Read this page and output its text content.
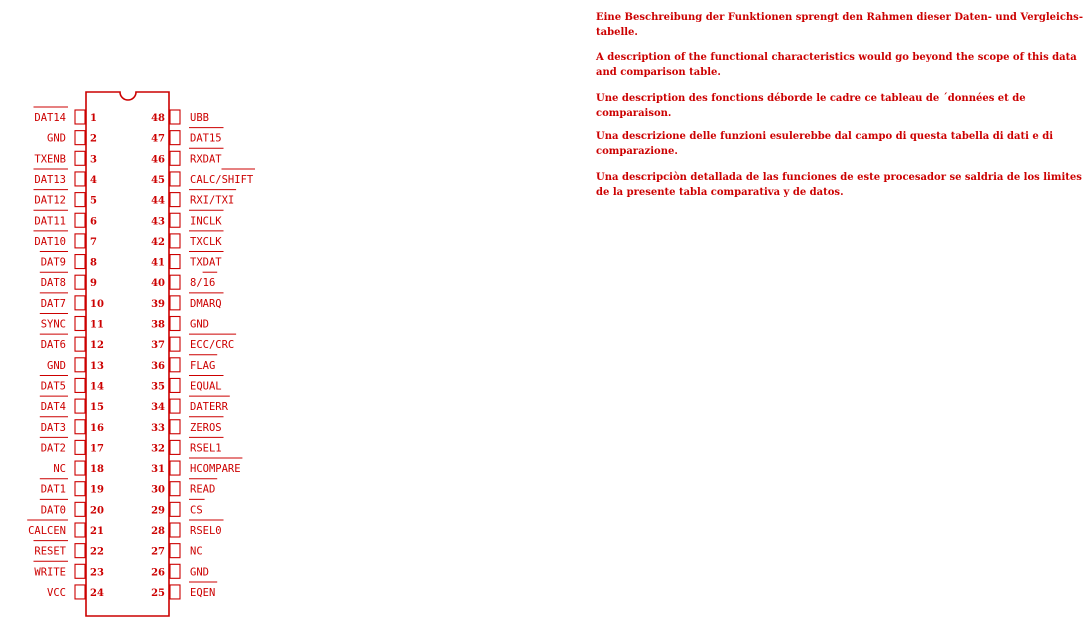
1
DAT14
2
GND
3
TXENB
4
DAT13
5
DAT12
6
DAT11
7
DAT10
8
DAT9
9
DAT8
10
DAT7
11
SYNC
12
DAT6
13
GND
14
DAT5
15
DAT4
16
DAT3
17
DAT2
18
NC
19
DAT1
20
DAT0
21
CALCEN
22
RESET
23
WRITE
24
VCC
48 UBB
47 DAT15
46 RXDAT
45 CALC/SHIFT
44 RXI/TXI
43 INCLK
42 TXCLK
41 TXDAT
40 8/16
39 DMARQ
38 GND
37 ECC/CRC
36 FLAG
35 EQUAL
34 DATERR
33 ZEROS
32 RSEL1
31 HCOMPARE
30 READ
29 CS
28 RSEL0
27 NC
26 GND
25 EQEN

Eine Beschreibung der Funktionen sprengt den Rahmen dieser Daten- und Vergleichs-

tabelle.

A description of the functional characteristics would go beyond the scope of this data
and comparison table.

Une description des fonctions déborde le cadre ce tableau de ´données et de
comparaison.

Una descrizione delle funzioni esulerebbe dal campo di questa tabella di dati e di
comparazione.

Una descripciòn detallada de las funciones de este procesador se saldria de los limites
de la presente tabla comparativa y de datos.
